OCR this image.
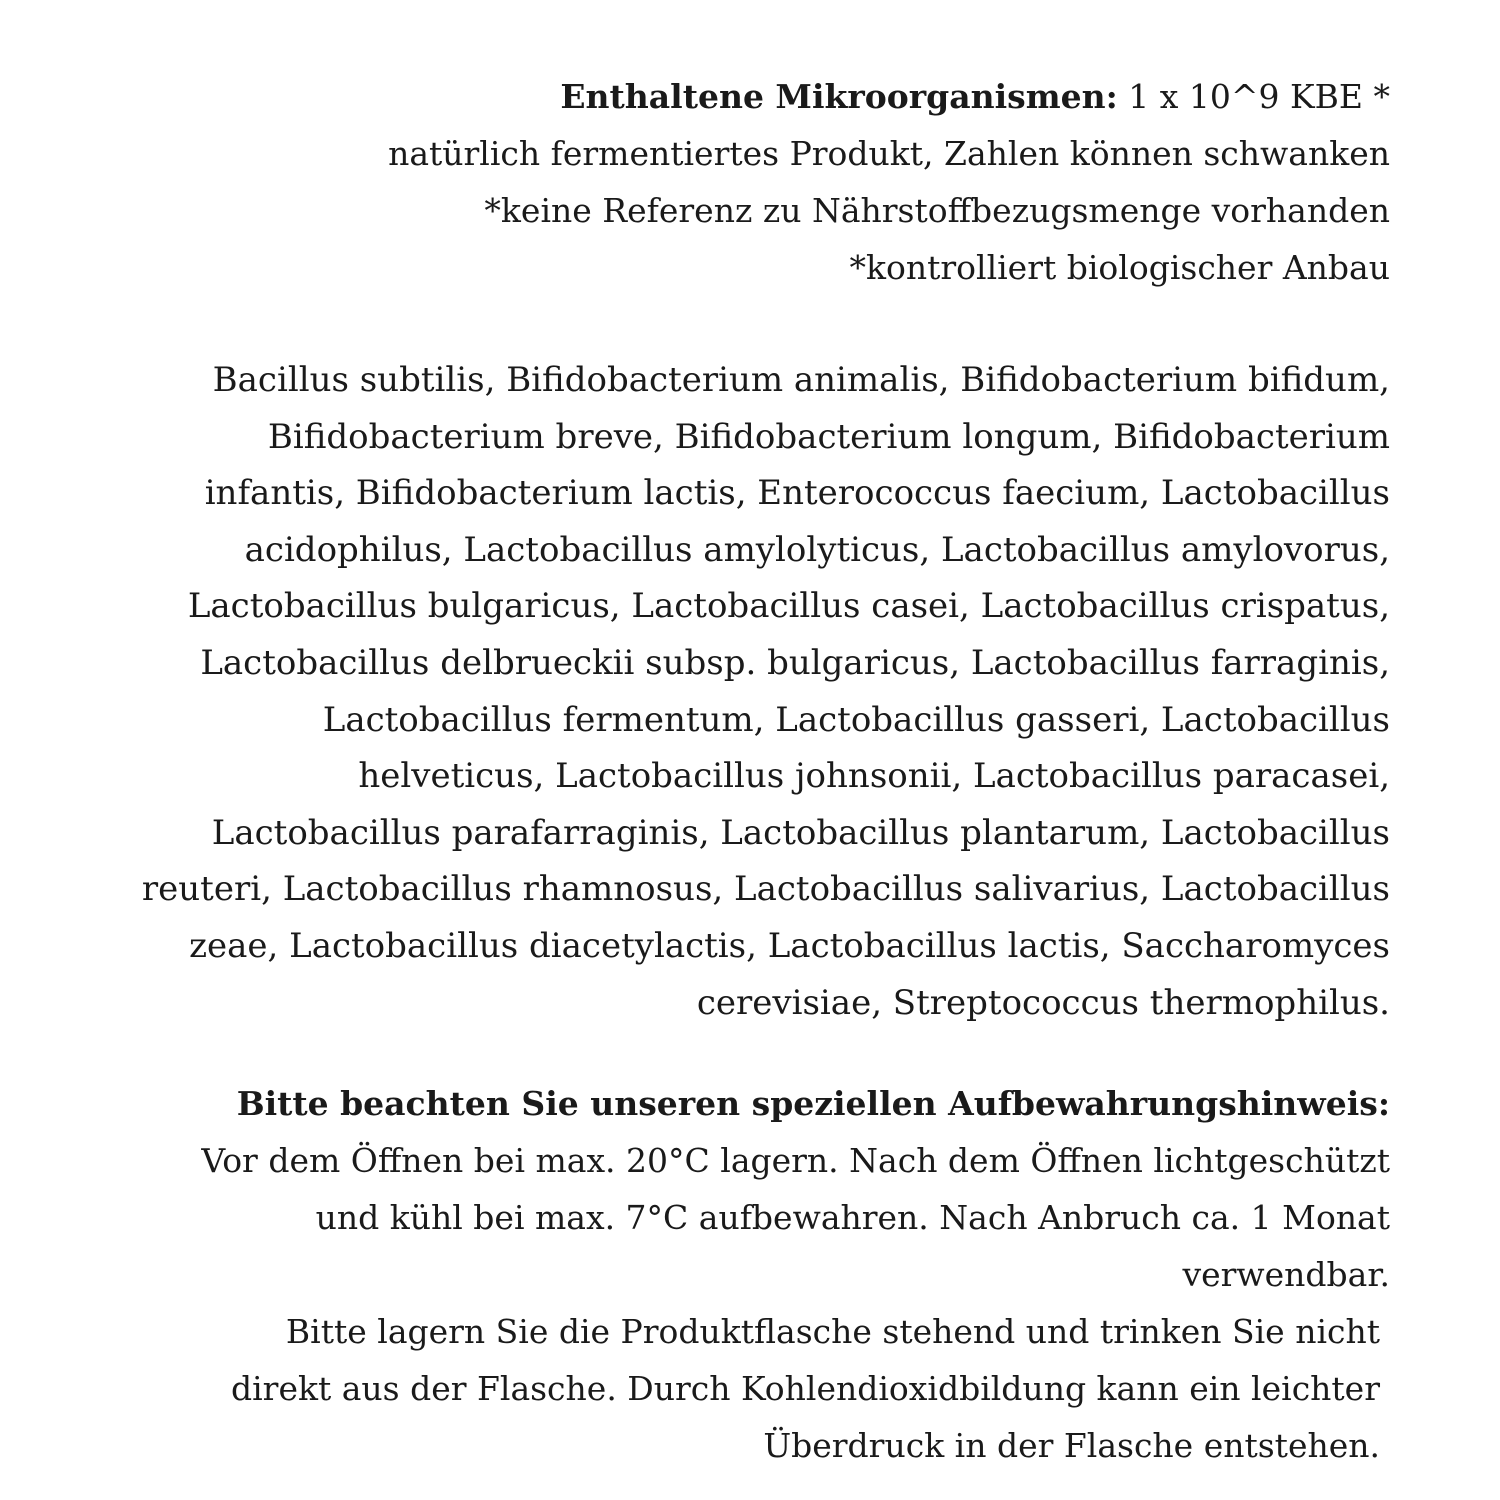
Enthaltene Mikroorganismen: 1 x 10^9 KBE *
natürlich fermentiertes Produkt, Zahlen können schwanken
*keine Referenz zu Nährstoffbezugsmenge vorhanden
*kontrolliert biologischer Anbau
Bacillus subtilis, Bifidobacterium animalis, Bifidobacterium bifidum,
Bifidobacterium breve, Bifidobacterium longum, Bifidobacterium
infantis, Bifidobacterium lactis, Enterococcus faecium, Lactobacillus
acidophilus, Lactobacillus amylolyticus, Lactobacillus amylovorus,
Lactobacillus bulgaricus, Lactobacillus casei, Lactobacillus crispatus,
Lactobacillus delbrueckii subsp. bulgaricus, Lactobacillus farraginis,
Lactobacillus fermentum, Lactobacillus gasseri, Lactobacillus
helveticus, Lactobacillus johnsonii, Lactobacillus paracasei,
Lactobacillus parafarraginis, Lactobacillus plantarum, Lactobacillus
reuteri, Lactobacillus rhamnosus, Lactobacillus salivarius, Lactobacillus
zeae, Lactobacillus diacetylactis, Lactobacillus lactis, Saccharomyces
cerevisiae, Streptococcus thermophilus.
Bitte beachten Sie unseren speziellen Aufbewahrungshinweis:
Vor dem Öffnen bei max. 20°C lagern. Nach dem Öffnen lichtgeschützt
und kühl bei max. 7°C aufbewahren. Nach Anbruch ca. 1 Monat
verwendbar.
Bitte lagern Sie die Produktflasche stehend und trinken Sie nicht
direkt aus der Flasche. Durch Kohlendioxidbildung kann ein leichter
Überdruck in der Flasche entstehen.
